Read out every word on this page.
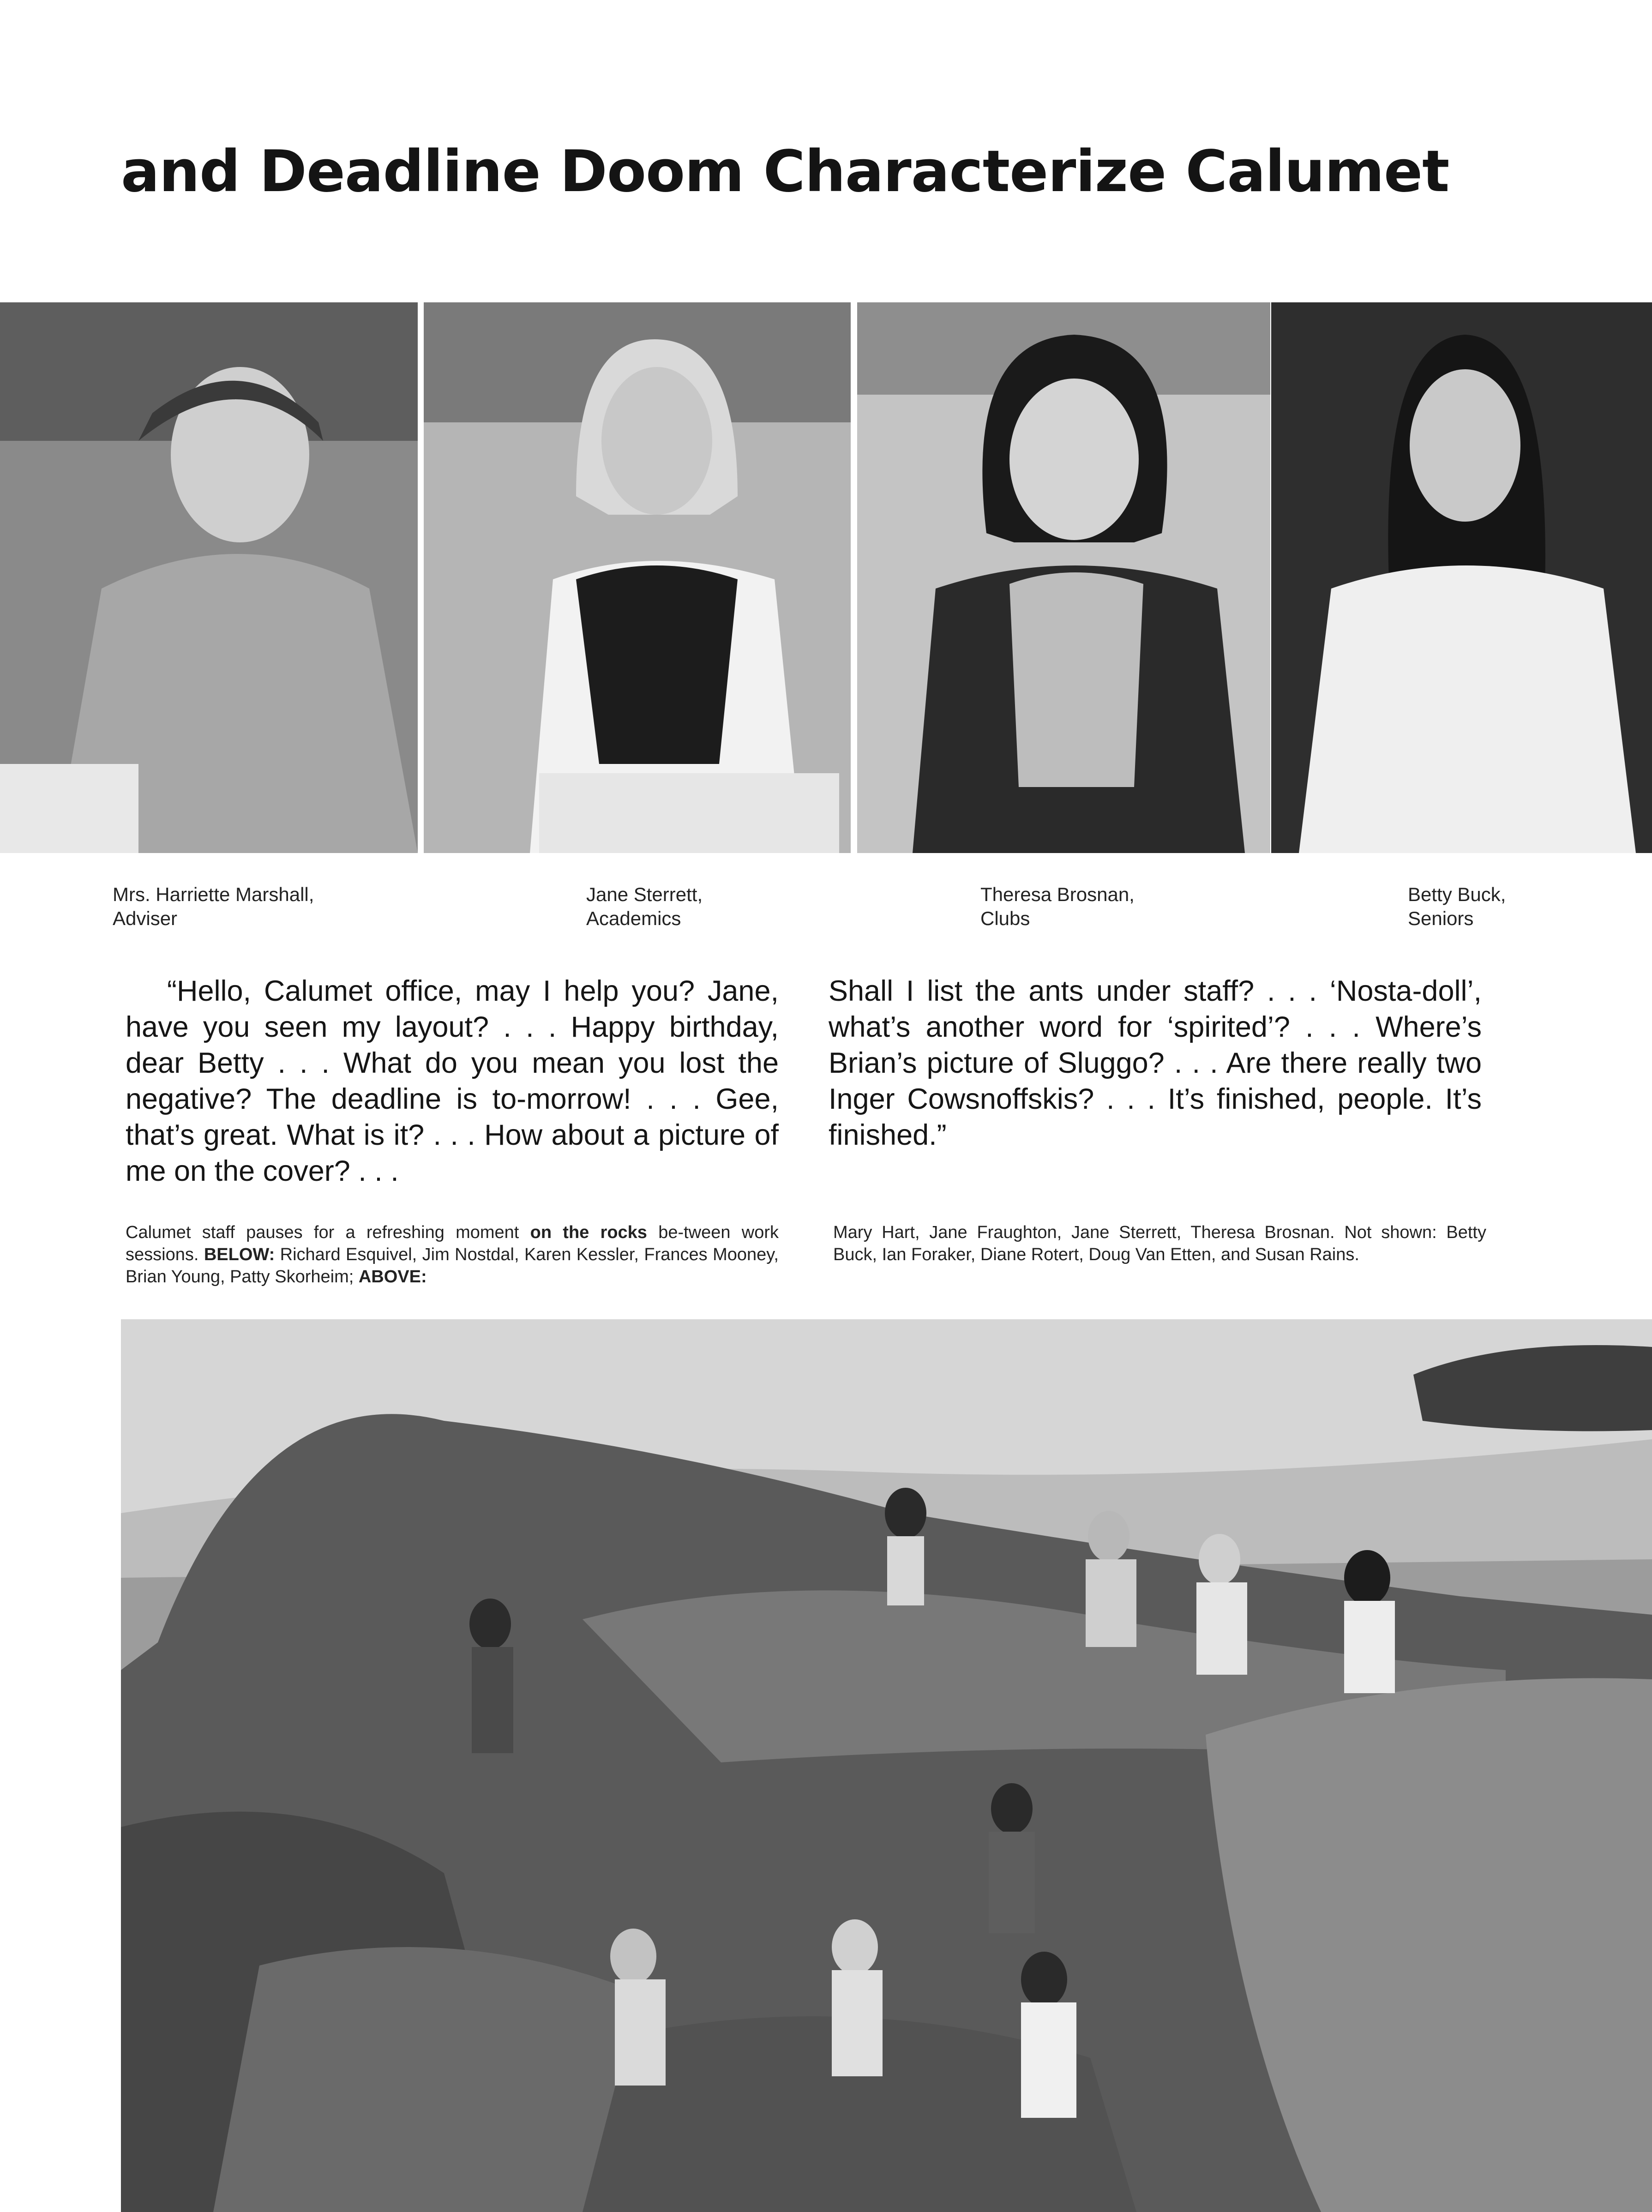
and Deadline Doom Characterize Calumet
Mrs. Harriette Marshall,
Adviser
Jane Sterrett,
Academics
Theresa Brosnan,
Clubs
Betty Buck,
Seniors

“Hello, Calumet office, may I help you? Jane, have you seen my layout? . . . Happy birthday, dear Betty . . . What do you mean you lost the negative? The deadline is to-morrow! . . . Gee, that’s great. What is it? . . . How about a picture of me on the cover? . . .

Shall I list the ants under staff? . . . ‘Nosta-doll’, what’s another word for ‘spirited’? . . . Where’s Brian’s picture of Sluggo? . . . Are there really two Inger Cowsnoffskis? . . . It’s finished, people. It’s finished.”

Calumet staff pauses for a refreshing moment on the rocks be-tween work sessions. BELOW: Richard Esquivel, Jim Nostdal, Karen Kessler, Frances Mooney, Brian Young, Patty Skorheim; ABOVE:

Mary Hart, Jane Fraughton, Jane Sterrett, Theresa Brosnan. Not shown: Betty Buck, Ian Foraker, Diane Rotert, Doug Van Etten, and Susan Rains.
